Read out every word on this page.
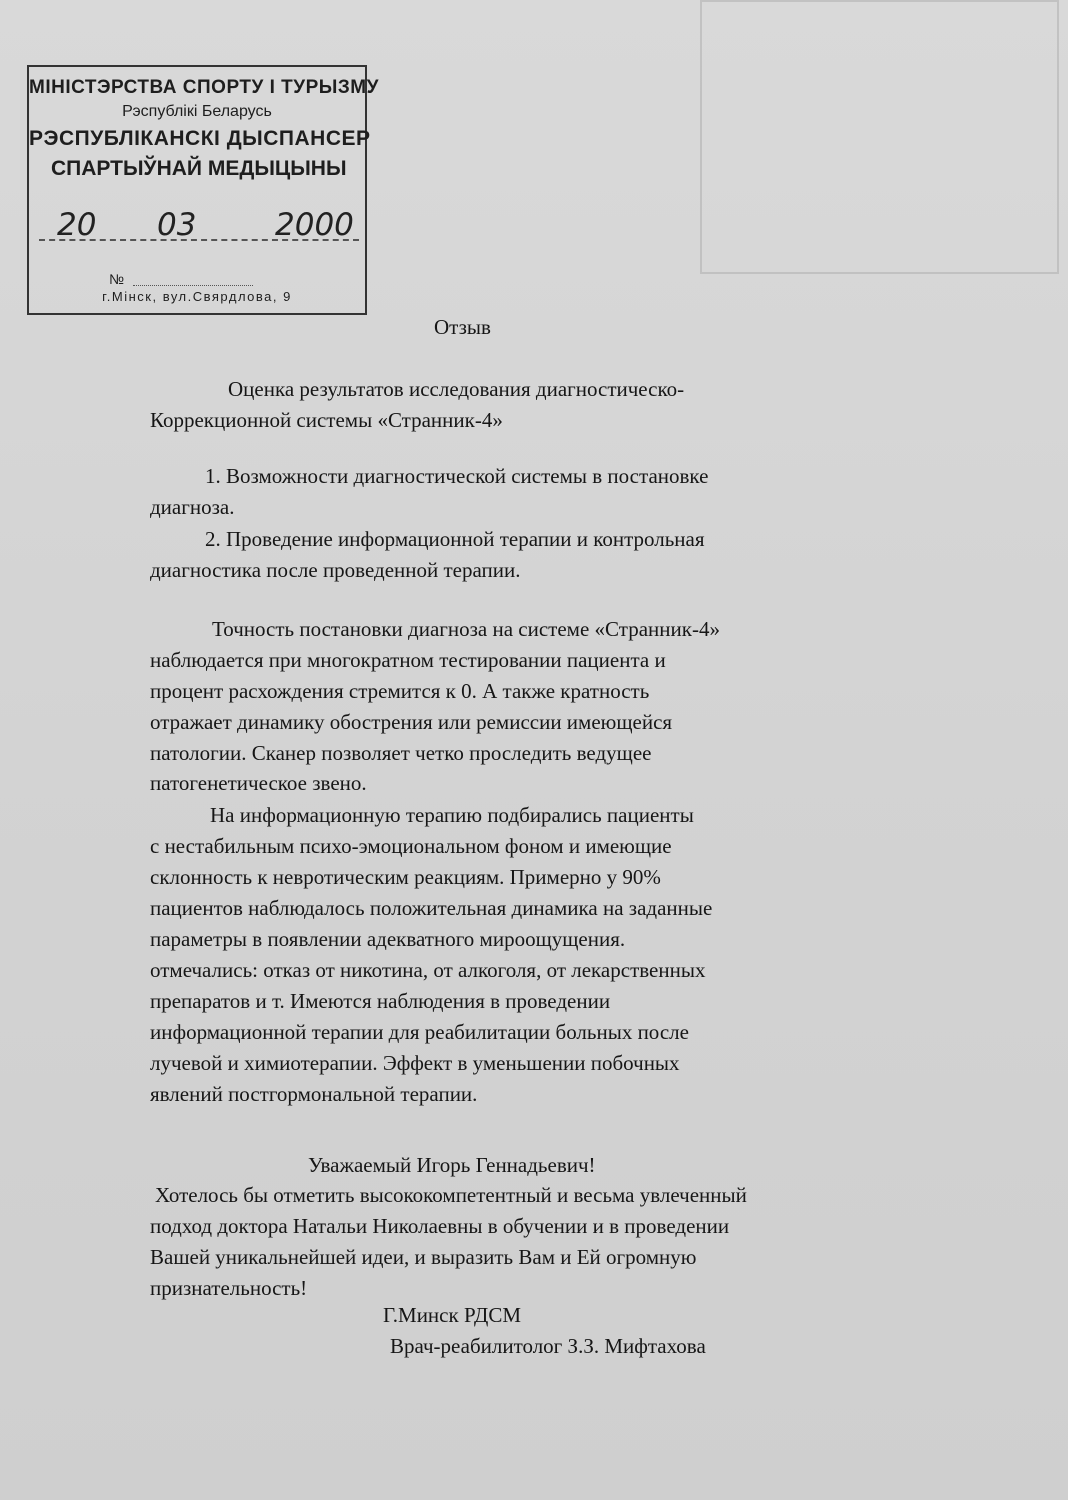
МІНІСТЭРСТВА СПОРТУ І ТУРЫЗМУ
Рэспублікі Беларусь
РЭСПУБЛІКАНСКІ ДЫСПАНСЕР
СПАРТЫЎНАЙ МЕДЫЦЫНЫ
20 03	2000
№
г.Мінск, вул.Свярдлова, 9
Отзыв
Оценка результатов исследования диагностическо-
Коррекционной системы «Странник-4»
1. Возможности диагностической системы в постановке
диагноза.
2. Проведение информационной терапии и контрольная
диагностика после проведенной терапии.
Точность постановки диагноза на системе «Странник-4»
наблюдается при многократном тестировании пациента и
процент расхождения стремится к 0. А также кратность
отражает динамику обострения или ремиссии имеющейся
патологии. Сканер позволяет четко проследить ведущее
патогенетическое звено.
На информационную терапию подбирались пациенты
с нестабильным психо-эмоциональном фоном и имеющие
склонность к невротическим реакциям. Примерно у 90%
пациентов наблюдалось положительная динамика на заданные
параметры в появлении адекватного мироощущения.
отмечались: отказ от никотина, от алкоголя, от лекарственных
препаратов и т. Имеются наблюдения в проведении
информационной терапии для реабилитации больных после
лучевой и химиотерапии. Эффект в уменьшении побочных
явлений постгормональной терапии.
Уважаемый Игорь Геннадьевич!
Хотелось бы отметить высококомпетентный и весьма увлеченный
подход доктора Натальи Николаевны в обучении и в проведении
Вашей уникальнейшей идеи, и выразить Вам и Ей огромную
признательность!
Г.Минск РДСМ
Врач-реабилитолог З.З. Мифтахова
